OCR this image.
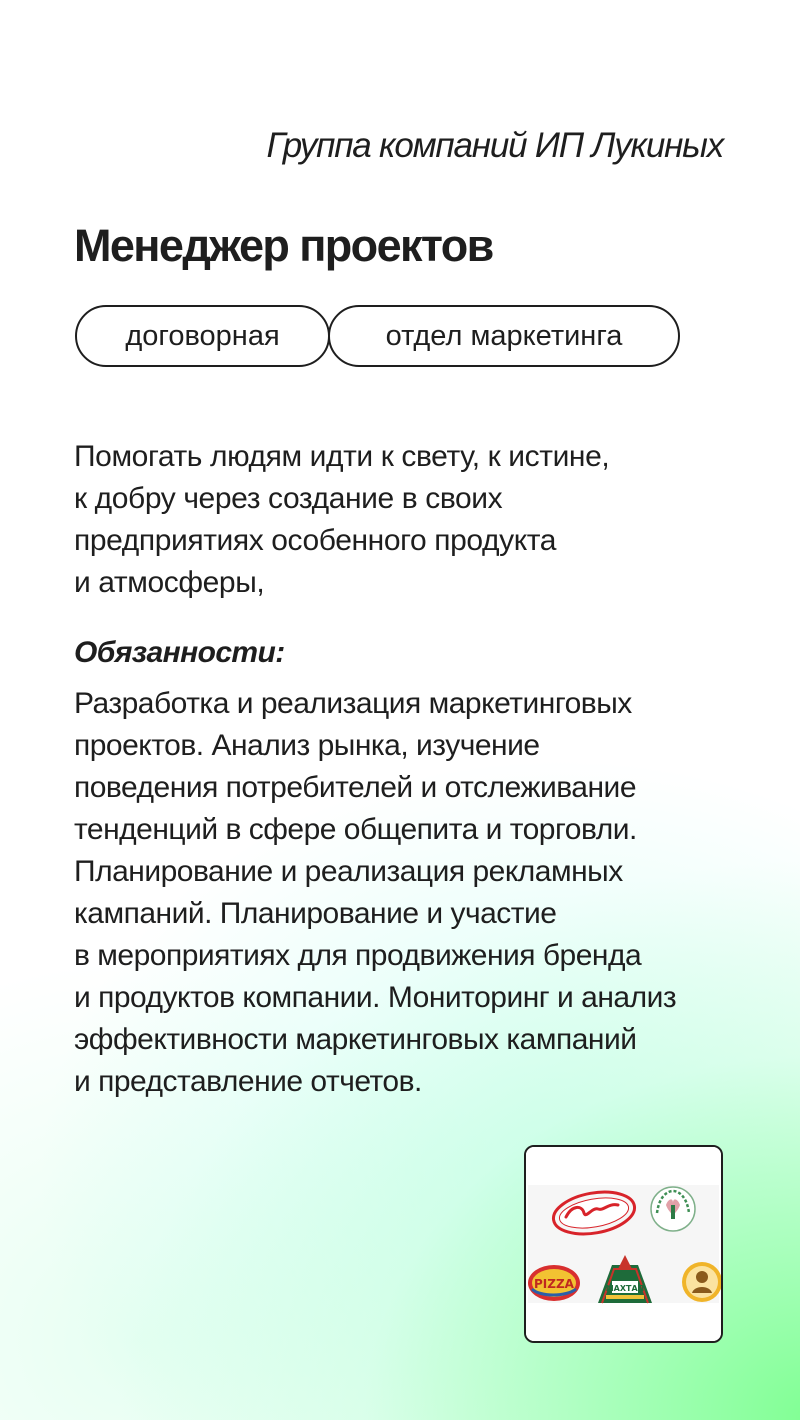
Группа компаний ИП Лукиных
Менеджер проектов
договорная	отдел маркетинга
Помогать людям идти к свету, к истине,
к добру через создание в своих
предприятиях особенного продукта
и атмосферы,
Обязанности:
Разработка и реализация маркетинговых
проектов. Анализ рынка, изучение
поведения потребителей и отслеживание
тенденций в сфере общепита и торговли.
Планирование и реализация рекламных
кампаний. Планирование и участие
в мероприятиях для продвижения бренда
и продуктов компании. Мониторинг и анализ
эффективности маркетинговых кампаний
и представление отчетов.
PIZZA	МАХТАЛ
